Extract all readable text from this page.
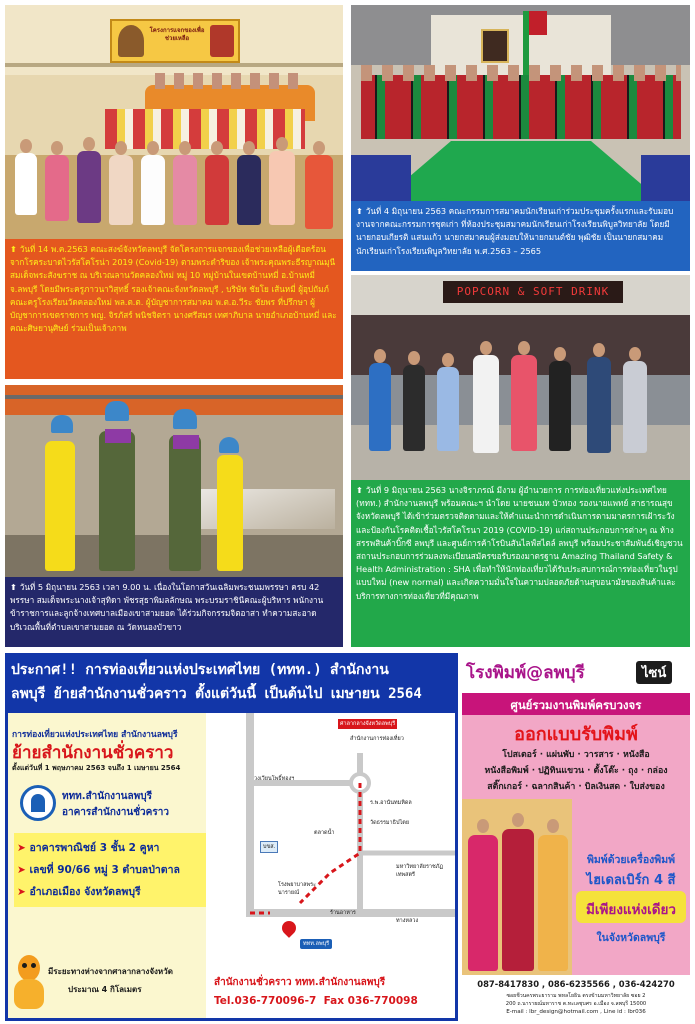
โครงการแจกของเพื่อช่วยเหลือ
⬆ วันที่ 14 พ.ค.2563 คณะสงฆ์จังหวัดลพบุรี จัดโครงการแจกของเพื่อช่วยเหลือผู้เดือดร้อนจากโรคระบาดไวรัสโคโรน่า 2019 (Covid-19) ตามพระดำริของ เจ้าพระคุณพระธีรญาณมุนี สมเด็จพระสังฆราช ณ บริเวณลานวัดคลองใหม่ หมู่ 10 หมู่บ้านในเขตบ้านหมี่ อ.บ้านหมี่ จ.ลพบุรี โดยมีพระครูภาวนาวิสุทธิ์ รองเจ้าคณะจังหวัดลพบุรี , บริษัท ชัยโย เส้นหมี่ ผู้อุปถัมภ์ คณะครูโรงเรียนวัดคลองใหม่ พล.ต.ต. ผู้บัญชาการสมาคม พ.ต.อ.วีระ ชัยพร ที่ปรึกษา ผู้บัญชาการเขตราชการ พญ. จิรภัสร์ พนิชจิตรา นางศรีสมร เทศาภิบาล นายอำเภอบ้านหมี่ และคณะศิษยานุศิษย์ ร่วมเป็นเจ้าภาพ
⬆ วันที่ 4 มิถุนายน 2563 คณะกรรมการสมาคมนักเรียนเก่าร่วมประชุมครั้งแรกและรับมอบงานจากคณะกรรมการชุดเก่า ที่ห้องประชุมสมาคมนักเรียนเก่าโรงเรียนพิบูลวิทยาลัย โดยมีนายกอบเกียรติ แสนแก้ว นายกสมาคมผู้ส่งมอบให้นายกมนต์ชัย พุฒิชัย เป็นนายกสมาคมนักเรียนเก่าโรงเรียนพิบูลวิทยาลัย พ.ศ.2563 – 2565
POPCORN & SOFT DRINK
⬆ วันที่ 9 มิถุนายน 2563 นางจิราภรณ์ มีงาม ผู้อำนวยการ การท่องเที่ยวแห่งประเทศไทย (ททท.) สำนักงานลพบุรี พร้อมคณะฯ นำโดย นายชนมห บัวทอง รองนายแพทย์ สาธารณสุขจังหวัดลพบุรี ได้เข้าร่วมตรวจติดตามและให้คำแนะนำการดำเนินการตามมาตรการเฝ้าระวังและป้องกันโรคติดเชื้อไวรัสโคโรนา 2019 (COVID-19) แก่สถานประกอบการต่างๆ ณ ห้างสรรพสินค้าบิ๊กซี ลพบุรี และศูนย์การค้าโรบินสันไลฟ์สไตล์ ลพบุรี พร้อมประชาสัมพันธ์เชิญชวนสถานประกอบการร่วมลงทะเบียนสมัครขอรับรองมาตรฐาน Amazing Thailand Safety & Health Administration : SHA เพื่อทำให้นักท่องเที่ยวได้รับประสบการณ์การท่องเที่ยวในรูปแบบใหม่ (new normal) และเกิดความมั่นใจในความปลอดภัยด้านสุขอนามัยของสินค้าและบริการทางการท่องเที่ยวที่มีคุณภาพ
⬆ วันที่ 5 มิถุนายน 2563 เวลา 9.00 น. เนื่องในโอกาสวันเฉลิมพระชนมพรรษา ครบ 42 พรรษา สมเด็จพระนางเจ้าสุทิดา พัชรสุธาพิมลลักษณ พระบรมราชินีคณะผู้บริหาร พนักงานข้าราชการและลูกจ้างเทศบาลเมืองเขาสามยอด ได้ร่วมกิจกรรมจิตอาสา ทำความสะอาด บริเวณพื้นที่ตำบลเขาสามยอด ณ วัดหนองบัวขาว
ประกาศ!! การท่องเที่ยวแห่งประเทศไทย (ททท.) สำนักงาน
ลพบุรี ย้ายสำนักงานชั่วคราว ตั้งแต่วันนี้ เป็นต้นไป เมษายน 2564
การท่องเที่ยวแห่งประเทศไทย สำนักงานลพบุรี
ย้ายสำนักงานชั่วคราว
ตั้งแต่วันที่ 1 พฤษภาคม 2563 จนถึง 1 เมษายน 2564
ททท.สำนักงานลพบุรี
อาคารสำนักงานชั่วคราว
➤ อาคารพาณิชย์ 3 ชั้น 2 คูหา
➤ เลขที่ 90/66 หมู่ 3 ตำบลป่าตาล
➤ อำเภอเมือง จังหวัดลพบุรี
มีระยะทางห่างจากศาลากลางจังหวัด
ประมาณ 4 กิโลเมตร
ศาลากลางจังหวัดลพบุรี
สำนักงานการท่องเที่ยว
วงเวียนโพธิ์ทองฯ
ร.พ.อานันทมหิดล
วัดธรรมาธิปไตย
ตลาดน้ำ
บขส.
มหาวิทยาลัยราชภัฏเทพสตรี
ทางหลวง
โรงพยาบาลพระนารายณ์
ร้านอาหาร
ททท.ลพบุรี
สำนักงานชั่วคราว ททท.สำนักงานลพบุรี
Tel.036-770096-7 Fax 036-770098
โรงพิมพ์@ลพบุรี	ไซน์
ศูนย์รวมงานพิมพ์ครบวงจร
ออกแบบรับพิมพ์
โปสเตอร์ · แผ่นพับ · วารสาร · หนังสือ
หนังสือพิมพ์ · ปฏิทินแขวน · ตั้งโต๊ะ · ถุง · กล่อง
สติ๊กเกอร์ · ฉลากสินค้า · บิลเงินสด · ใบส่งของ
พิมพ์ด้วยเครื่องพิมพ์
ไฮเดลเบิร์ก 4 สี
มีเพียงแห่งเดียว
ในจังหวัดลพบุรี
087-8417830 , 086-6235566 , 036-424270
ซอยชีวนครพระยาราม พหลโยธิน ตรงข้ามมหาวิทยาลัย ซอย 2
200 ถ.นารายณ์มหาราช ต.ทะเลชุบศร อ.เมือง จ.ลพบุรี 15000
E-mail : lbr_design@hotmail.com , Line id : lbr036
